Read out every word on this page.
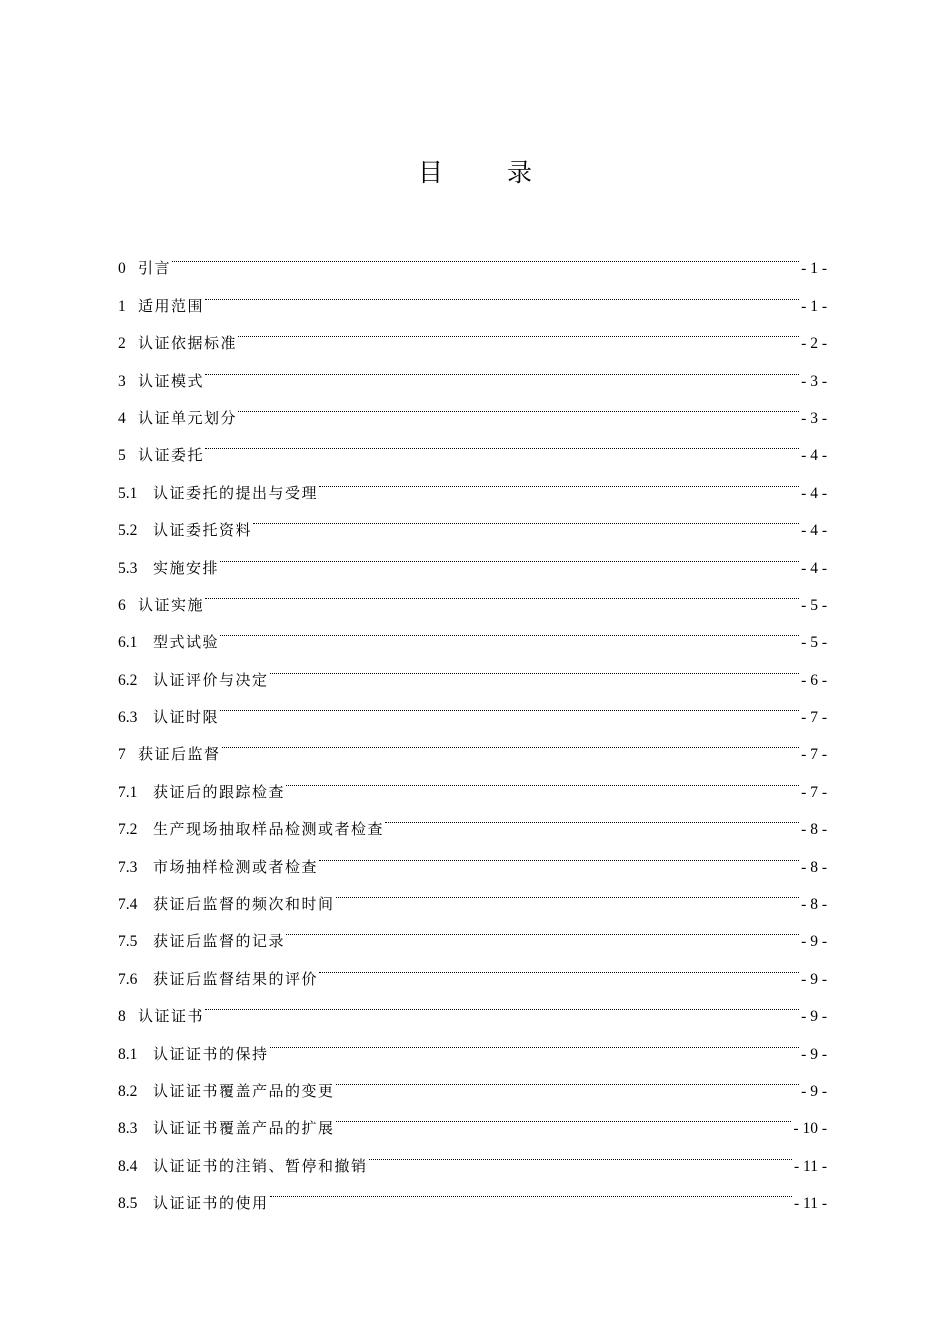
目 录
0 引言	- 1 -
1 适用范围	- 1 -
2 认证依据标准	- 2 -
3 认证模式	- 3 -
4 认证单元划分	- 3 -
5 认证委托	- 4 -
5.1	认证委托的提出与受理	- 4 -
5.2	认证委托资料	- 4 -
5.3	实施安排	- 4 -
6 认证实施	- 5 -
6.1	型式试验	- 5 -
6.2	认证评价与决定	- 6 -
6.3	认证时限	- 7 -
7 获证后监督	- 7 -
7.1	获证后的跟踪检查	- 7 -
7.2	生产现场抽取样品检测或者检查	- 8 -
7.3	市场抽样检测或者检查	- 8 -
7.4	获证后监督的频次和时间	- 8 -
7.5	获证后监督的记录	- 9 -
7.6	获证后监督结果的评价	- 9 -
8 认证证书	- 9 -
8.1	认证证书的保持	- 9 -
8.2	认证证书覆盖产品的变更	- 9 -
8.3	认证证书覆盖产品的扩展	- 10 -
8.4	认证证书的注销、暂停和撤销	- 11 -
8.5	认证证书的使用	- 11 -
